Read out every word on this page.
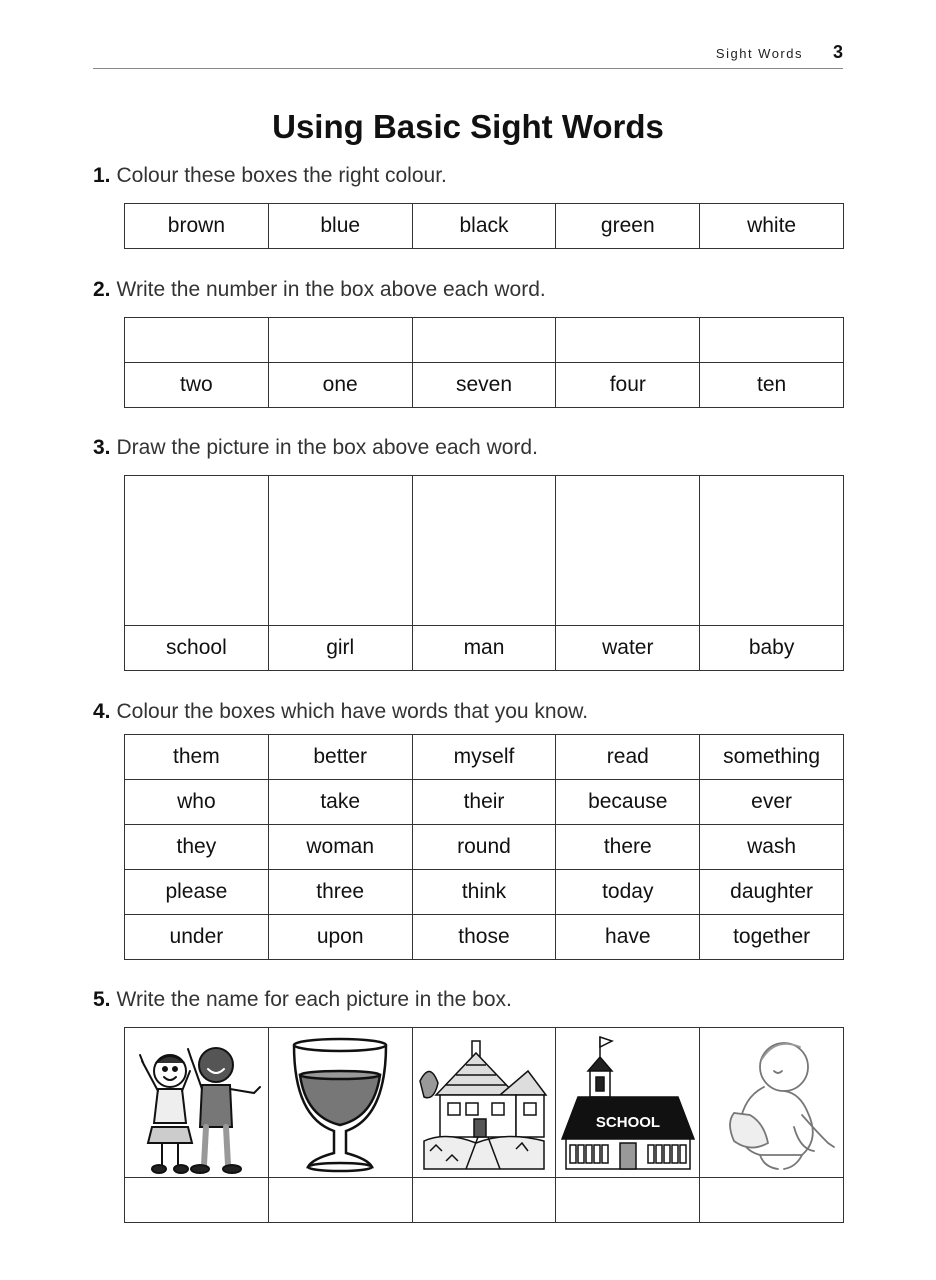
Sight Words 3
Using Basic Sight Words
1. Colour these boxes the right colour.
brown	blue	black	green	white
2. Write the number in the box above each word.

two	one	seven	four	ten
3. Draw the picture in the box above each word.

school	girl	man	water	baby
4. Colour the boxes which have words that you know.
them	better	myself	read	something
who	take	their	because	ever
they	woman	round	there	wash
please	three	think	today	daughter
under	upon	those	have	together
5. Write the name for each picture in the box.

SCHOOL
